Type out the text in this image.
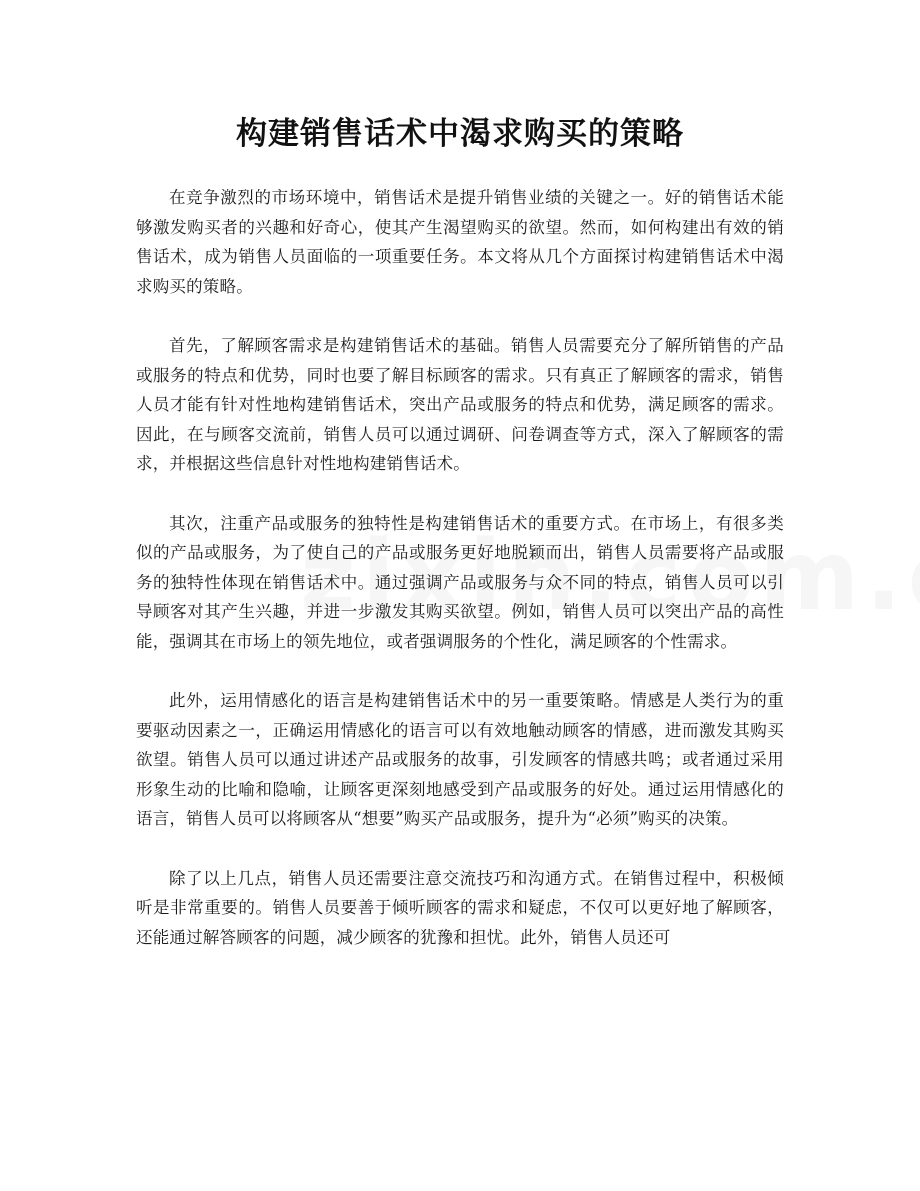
构建销售话术中渴求购买的策略

在竞争激烈的市场环境中，销售话术是提升销售业绩的关键之一。好的销售话术能够激发购买者的兴趣和好奇心，使其产生渴望购买的欲望。然而，如何构建出有效的销售话术，成为销售人员面临的一项重要任务。本文将从几个方面探讨构建销售话术中渴求购买的策略。

首先，了解顾客需求是构建销售话术的基础。销售人员需要充分了解所销售的产品或服务的特点和优势，同时也要了解目标顾客的需求。只有真正了解顾客的需求，销售人员才能有针对性地构建销售话术，突出产品或服务的特点和优势，满足顾客的需求。因此，在与顾客交流前，销售人员可以通过调研、问卷调查等方式，深入了解顾客的需求，并根据这些信息针对性地构建销售话术。

其次，注重产品或服务的独特性是构建销售话术的重要方式。在市场上，有很多类似的产品或服务，为了使自己的产品或服务更好地脱颖而出，销售人员需要将产品或服务的独特性体现在销售话术中。通过强调产品或服务与众不同的特点，销售人员可以引导顾客对其产生兴趣，并进一步激发其购买欲望。例如，销售人员可以突出产品的高性能，强调其在市场上的领先地位，或者强调服务的个性化，满足顾客的个性需求。

此外，运用情感化的语言是构建销售话术中的另一重要策略。情感是人类行为的重要驱动因素之一，正确运用情感化的语言可以有效地触动顾客的情感，进而激发其购买欲望。销售人员可以通过讲述产品或服务的故事，引发顾客的情感共鸣；或者通过采用形象生动的比喻和隐喻，让顾客更深刻地感受到产品或服务的好处。通过运用情感化的语言，销售人员可以将顾客从“想要”购买产品或服务，提升为“必须”购买的决策。

除了以上几点，销售人员还需要注意交流技巧和沟通方式。在销售过程中，积极倾听是非常重要的。销售人员要善于倾听顾客的需求和疑虑，不仅可以更好地了解顾客，还能通过解答顾客的问题，减少顾客的犹豫和担忧。此外，销售人员还可
